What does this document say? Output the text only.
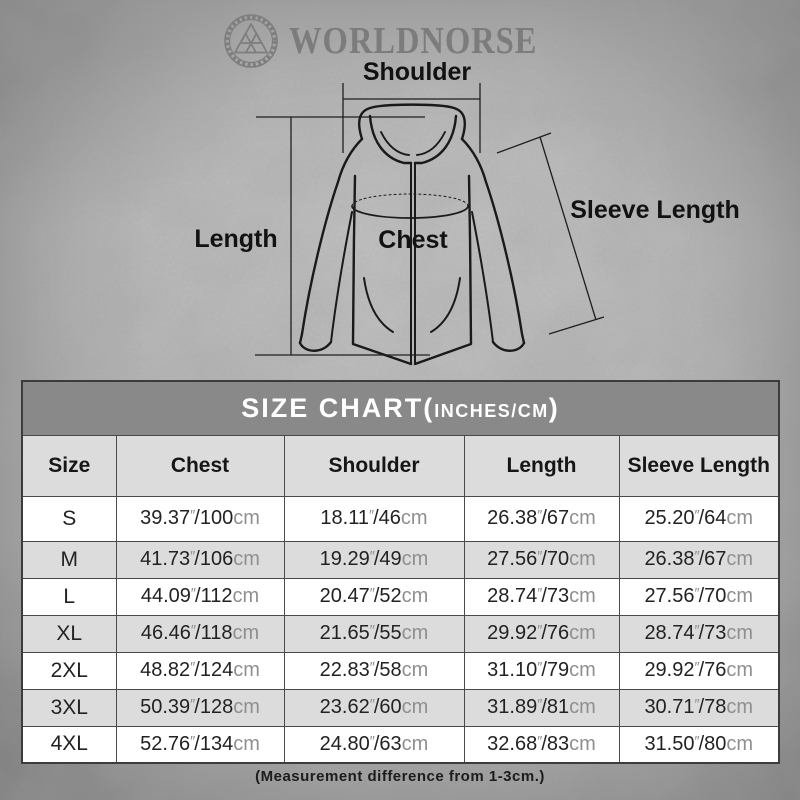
WORLDNORSE
Shoulder
Length	Chest
Sleeve Length
SIZE CHART(INCHES/CM)				
Size	Chest	Shoulder	Length	Sleeve Length
S	39.37″/100cm	18.11″/46cm	26.38″/67cm	25.20″/64cm
M	41.73″/106cm	19.29″/49cm	27.56″/70cm	26.38″/67cm
L	44.09″/112cm	20.47″/52cm	28.74″/73cm	27.56″/70cm
XL	46.46″/118cm	21.65″/55cm	29.92″/76cm	28.74″/73cm
2XL	48.82″/124cm	22.83″/58cm	31.10″/79cm	29.92″/76cm
3XL	50.39″/128cm	23.62″/60cm	31.89″/81cm	30.71″/78cm
4XL	52.76″/134cm	24.80″/63cm	32.68″/83cm	31.50″/80cm
(Measurement difference from 1-3cm.)
